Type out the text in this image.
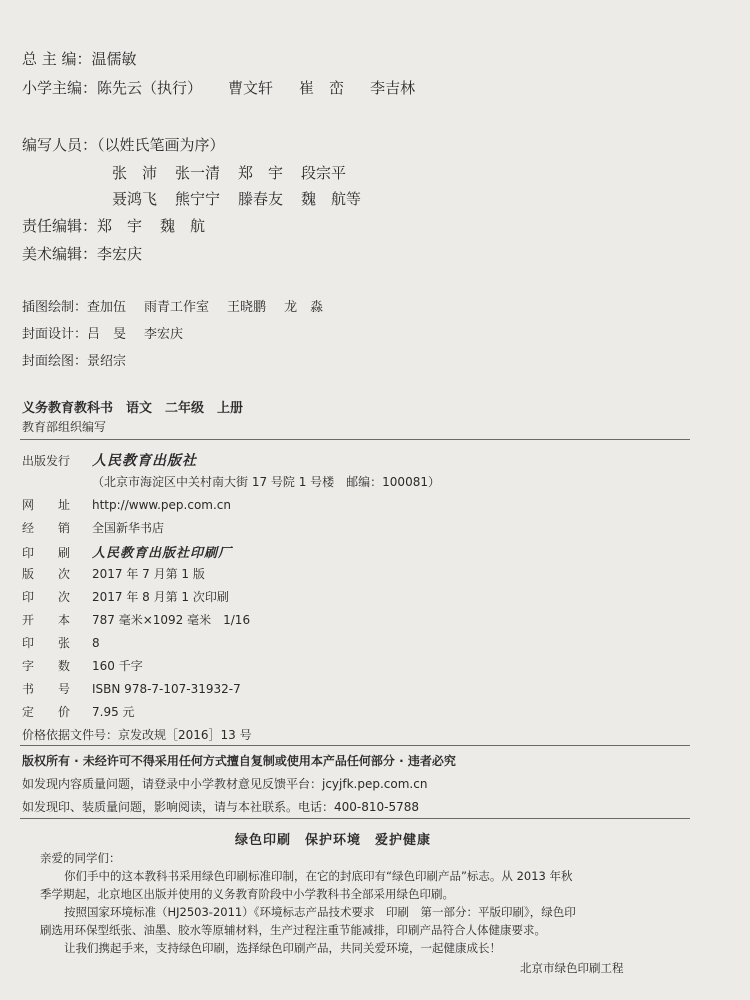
总 主 编：温儒敏
小学主编：陈先云（执行） 曹文轩 崔　峦 李吉林
编写人员：（以姓氏笔画为序）
张　沛 张一清 郑　宇 段宗平
聂鸿飞 熊宁宁 滕春友 魏　航等
责任编辑：郑　宇 魏　航
美术编辑：李宏庆
插图绘制：查加伍 雨青工作室 王晓鹏 龙　淼
封面设计：吕　旻 李宏庆
封面绘图：景绍宗
义务教育教科书　语文　二年级　上册
教育部组织编写
出版发行 人民教育出版社
（北京市海淀区中关村南大街 17 号院 1 号楼　邮编：100081）
网　　址 http://www.pep.com.cn
经　　销 全国新华书店
印　　刷 人民教育出版社印刷厂
版　　次 2017 年 7 月第 1 版
印　　次 2017 年 8 月第 1 次印刷
开　　本 787 毫米×1092 毫米　1/16
印　　张 8
字　　数 160 千字
书　　号 ISBN 978-7-107-31932-7
定　　价 7.95 元
价格依据文件号：京发改规［2016］13 号
版权所有 · 未经许可不得采用任何方式擅自复制或使用本产品任何部分 · 违者必究
如发现内容质量问题，请登录中小学教材意见反馈平台：jcyjfk.pep.com.cn
如发现印、装质量问题，影响阅读，请与本社联系。电话：400-810-5788
绿色印刷　保护环境　爱护健康
亲爱的同学们：
你们手中的这本教科书采用绿色印刷标准印制，在它的封底印有“绿色印刷产品”标志。从 2013 年秋
季学期起，北京地区出版并使用的义务教育阶段中小学教科书全部采用绿色印刷。
按照国家环境标准（HJ2503-2011）《环境标志产品技术要求　印刷　第一部分：平版印刷》，绿色印
刷选用环保型纸张、油墨、胶水等原辅材料，生产过程注重节能减排，印刷产品符合人体健康要求。
让我们携起手来，支持绿色印刷，选择绿色印刷产品，共同关爱环境，一起健康成长！
北京市绿色印刷工程
